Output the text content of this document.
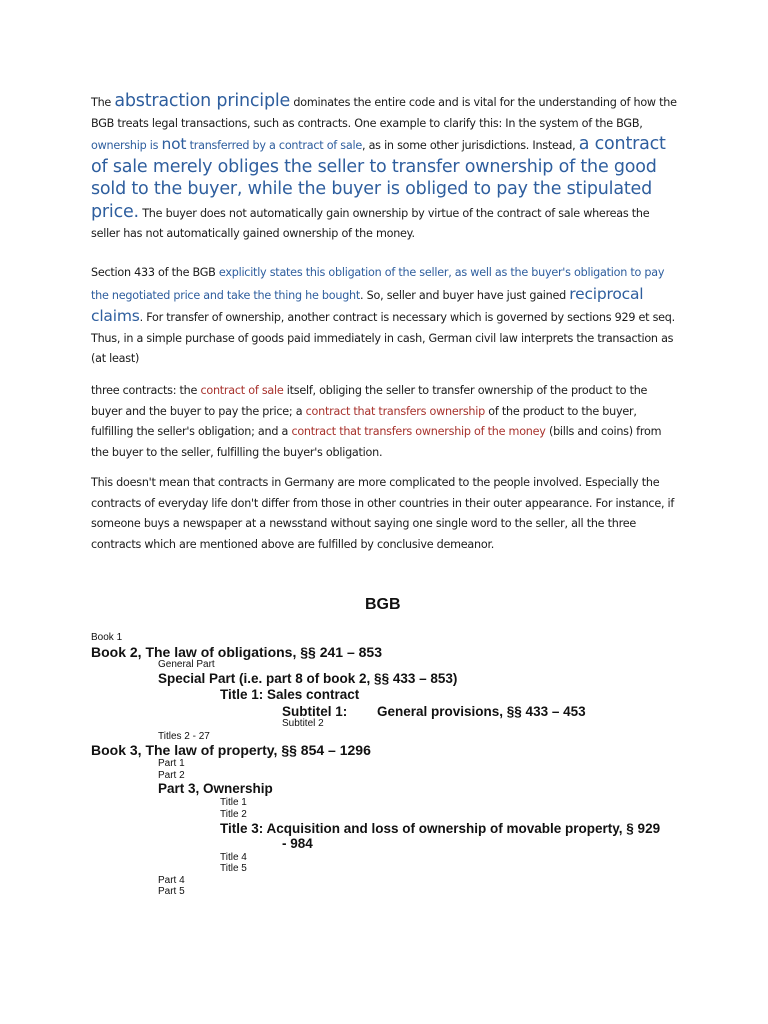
The abstraction principle dominates the entire code and is vital for the understanding of how the BGB treats legal transactions, such as contracts. One example to clarify this: In the system of the BGB, ownership is not transferred by a contract of sale, as in some other jurisdictions. Instead, a contract of sale merely obliges the seller to transfer ownership of the good sold to the buyer, while the buyer is obliged to pay the stipulated price. The buyer does not automatically gain ownership by virtue of the contract of sale whereas the seller has not automatically gained ownership of the money.

Section 433 of the BGB explicitly states this obligation of the seller, as well as the buyer's obligation to pay the negotiated price and take the thing he bought. So, seller and buyer have just gained reciprocal claims. For transfer of ownership, another contract is necessary which is governed by sections 929 et seq. Thus, in a simple purchase of goods paid immediately in cash, German civil law interprets the transaction as (at least)

three contracts: the contract of sale itself, obliging the seller to transfer ownership of the product to the buyer and the buyer to pay the price; a contract that transfers ownership of the product to the buyer, fulfilling the seller's obligation; and a contract that transfers ownership of the money (bills and coins) from the buyer to the seller, fulfilling the buyer's obligation.

This doesn't mean that contracts in Germany are more complicated to the people involved. Especially the contracts of everyday life don't differ from those in other countries in their outer appearance. For instance, if someone buys a newspaper at a newsstand without saying one single word to the seller, all the three contracts which are mentioned above are fulfilled by conclusive demeanor.

BGB
Book 1
Book 2, The law of obligations, §§ 241 – 853
General Part
Special Part (i.e. part 8 of book 2, §§ 433 – 853)
Title 1: Sales contract
Subtitel 1: General provisions, §§ 433 – 453
Subtitel 2
Titles 2 - 27
Book 3, The law of property, §§ 854 – 1296
Part 1
Part 2
Part 3, Ownership
Title 1
Title 2
Title 3: Acquisition and loss of ownership of movable property, § 929
- 984
Title 4
Title 5
Part 4
Part 5
